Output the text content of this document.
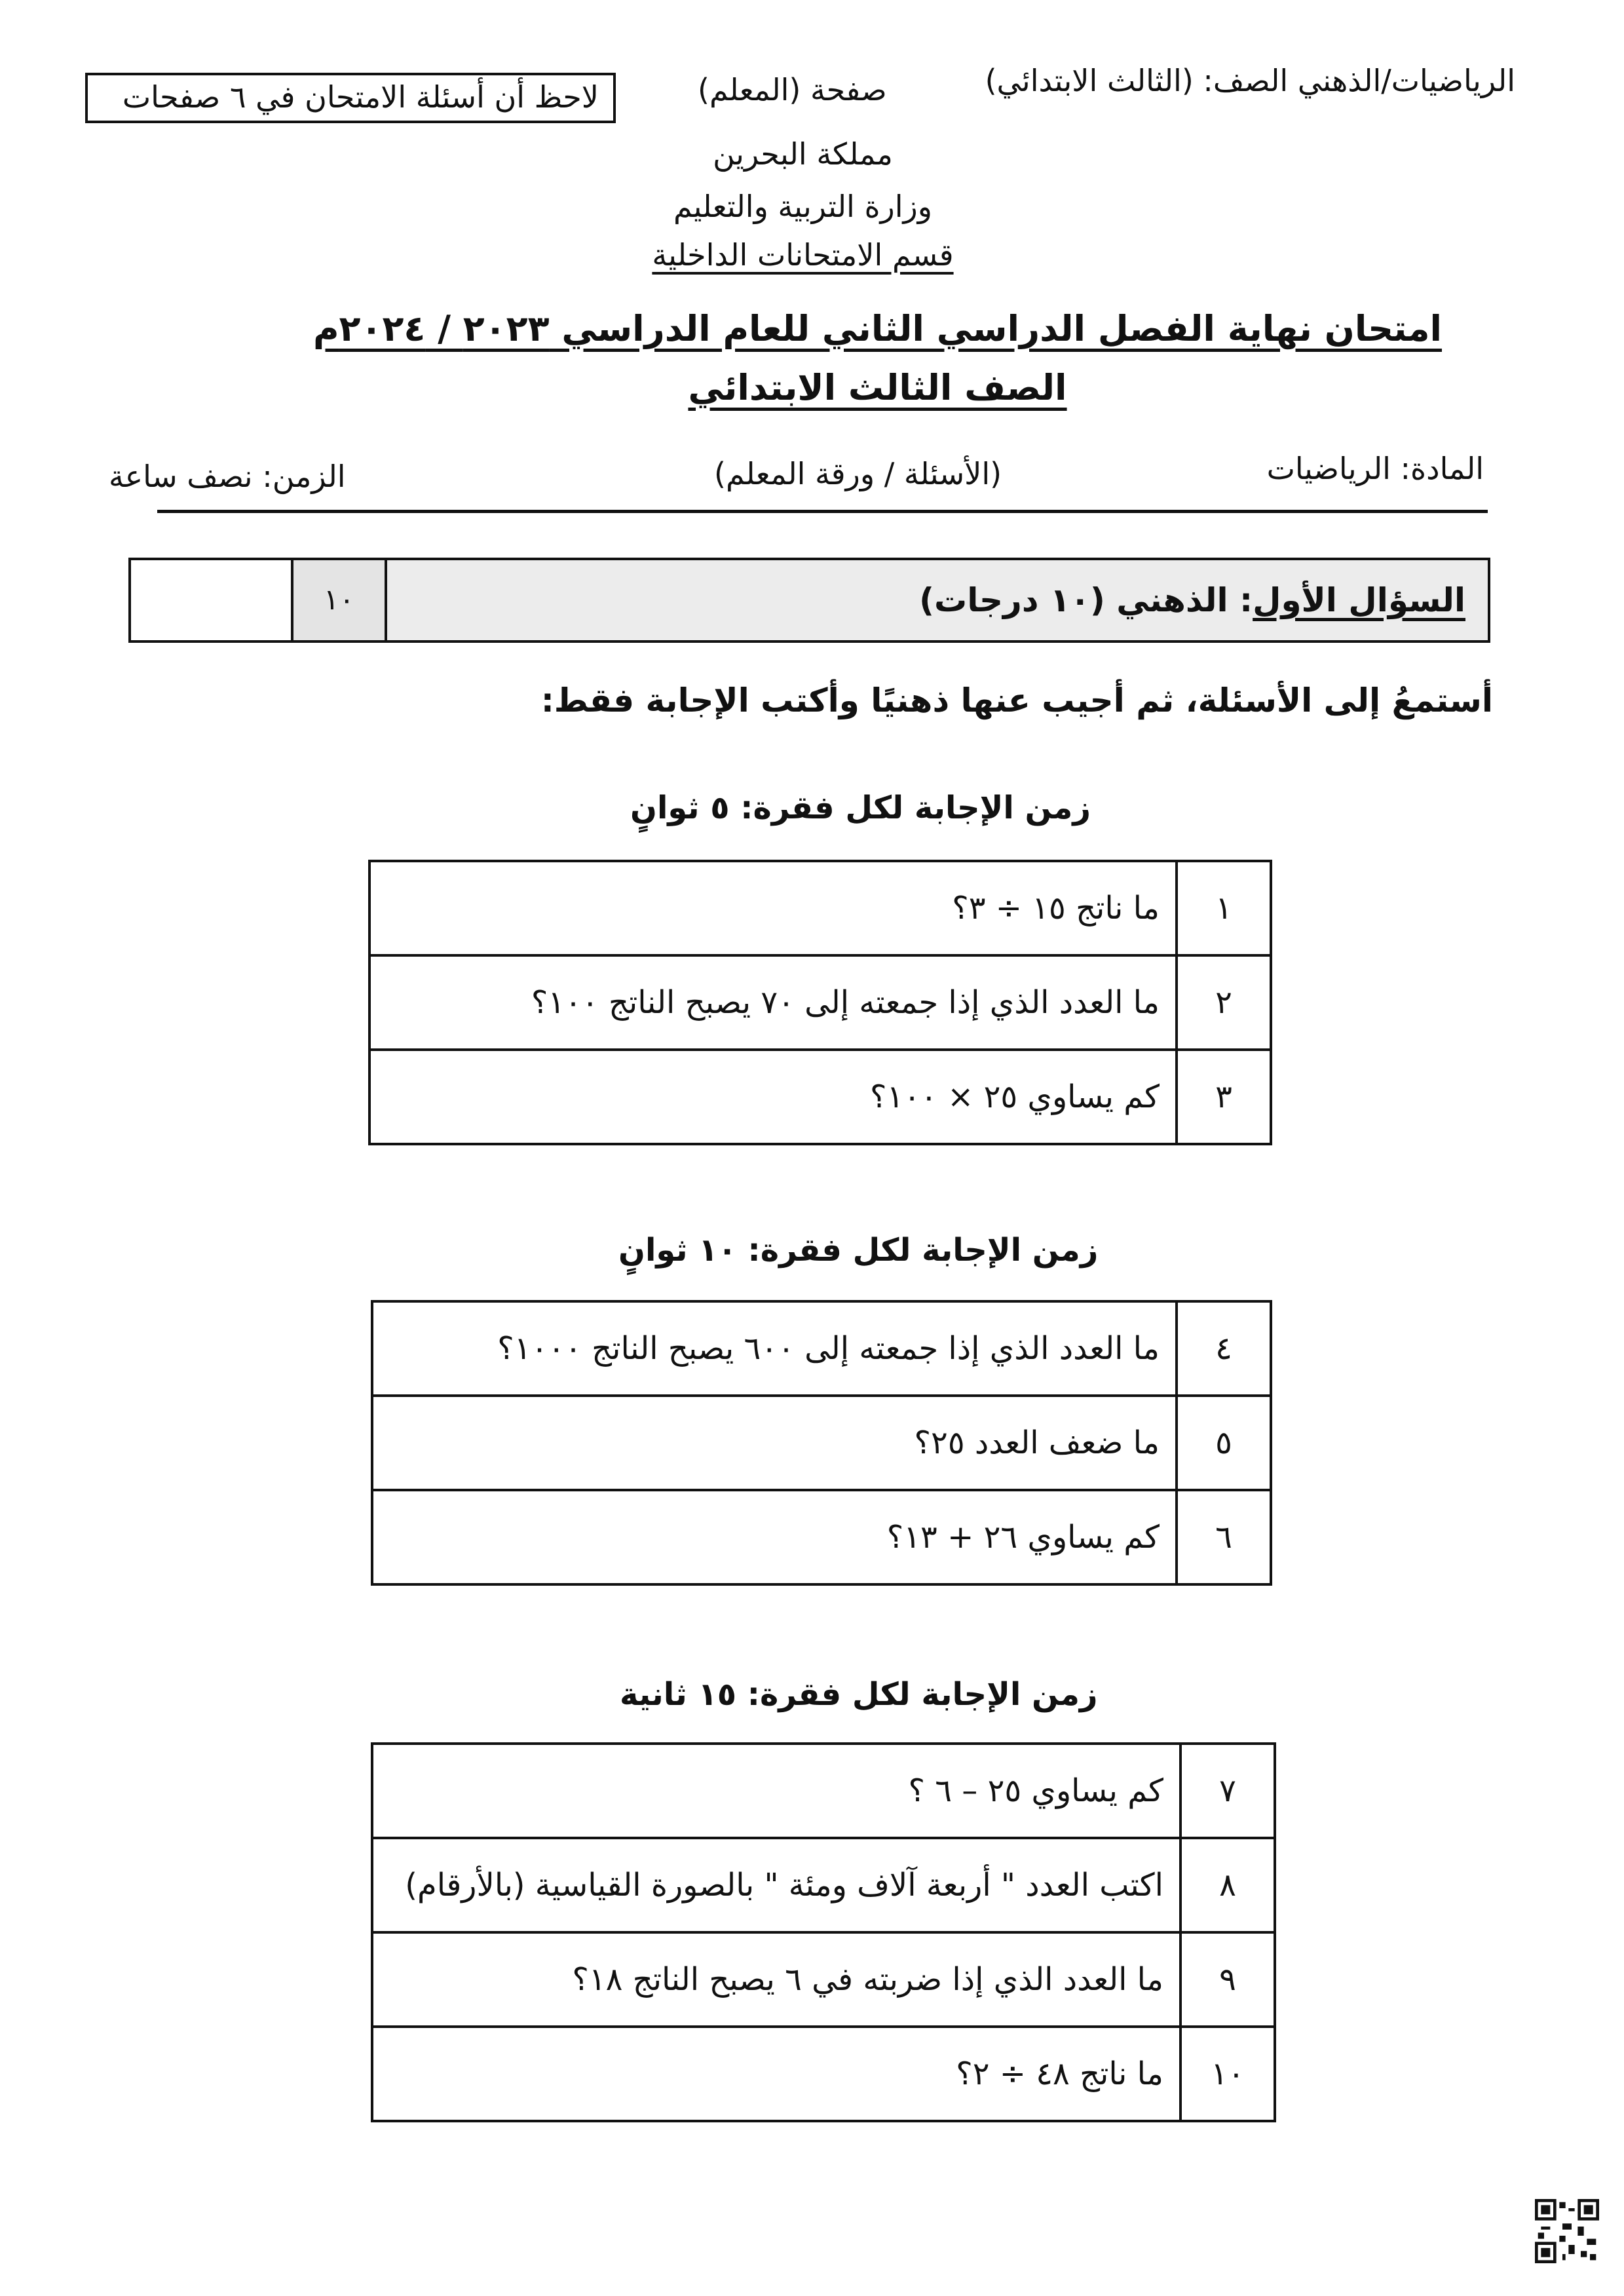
الرياضيات/الذهني الصف: (الثالث الابتدائي)
صفحة (المعلم)
لاحظ أن أسئلة الامتحان في ٦ صفحات
مملكة البحرين
وزارة التربية والتعليم
قسم الامتحانات الداخلية
امتحان نهاية الفصل الدراسي الثاني للعام الدراسي ٢٠٢٣ / ٢٠٢٤م
الصف الثالث الابتدائي
المادة: الرياضيات
(الأسئلة / ورقة المعلم)
الزمن: نصف ساعة
١٠	السؤال الأول: الذهني (١٠ درجات)
أستمعُ إلى الأسئلة، ثم أجيب عنها ذهنيًا وأكتب الإجابة فقط:
زمن الإجابة لكل فقرة: ٥ ثوانٍ
١	ما ناتج ١٥ ÷ ٣؟
٢	ما العدد الذي إذا جمعته إلى ٧٠ يصبح الناتج ١٠٠؟
٣	كم يساوي ٢٥ × ١٠٠؟
زمن الإجابة لكل فقرة: ١٠ ثوانٍ
٤	ما العدد الذي إذا جمعته إلى ٦٠٠ يصبح الناتج ١٠٠٠؟
٥	ما ضعف العدد ٢٥؟
٦	كم يساوي ٢٦ + ١٣؟
زمن الإجابة لكل فقرة: ١٥ ثانية
٧	كم يساوي ٢٥ – ٦ ؟
٨	اكتب العدد " أربعة آلاف ومئة " بالصورة القياسية (بالأرقام)
٩	ما العدد الذي إذا ضربته في ٦ يصبح الناتج ١٨؟
١٠	ما ناتج ٤٨ ÷ ٢؟
